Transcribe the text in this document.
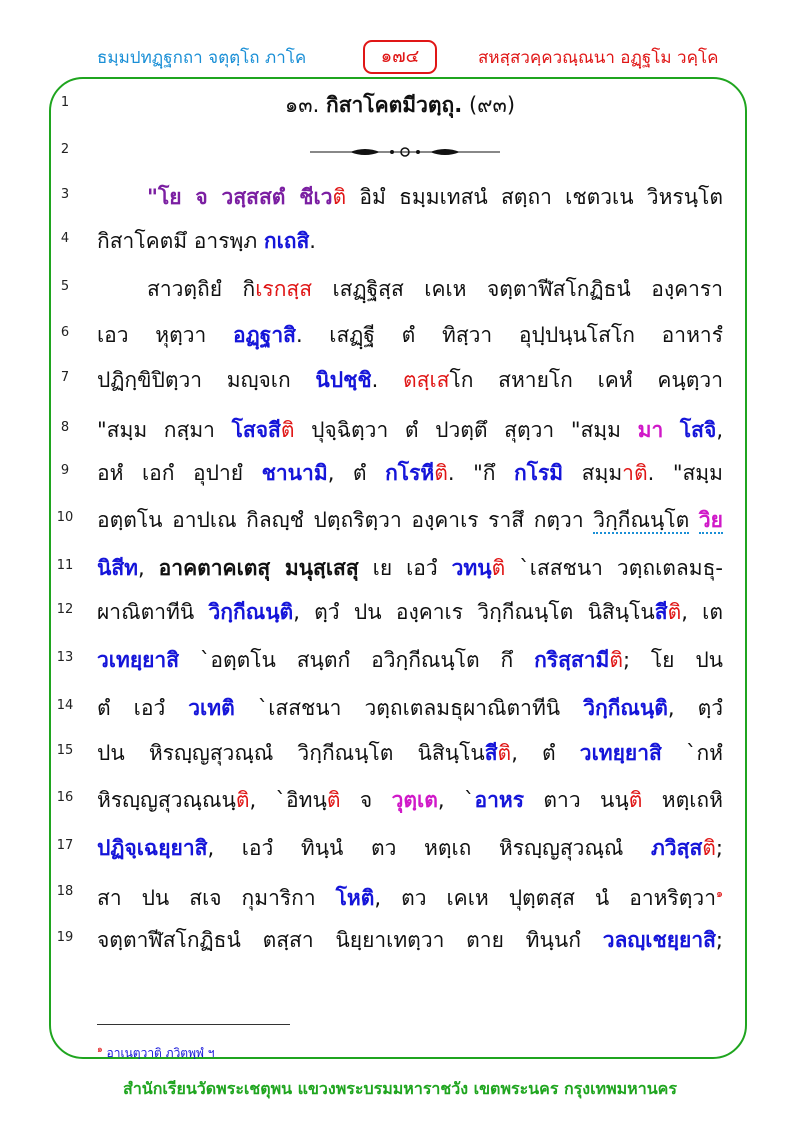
ธมฺมปทฏฺฐกถา จตุตฺโถ ภาโค	๑๗๔	สหสฺสวคฺควณฺณนา อฏฺฐโม วคฺโค
1	๑๓. กิสาโคตมีวตฺถุ. (๙๓)
2
3	"โย จ วสฺสสตํ ชีเวติ อิมํ ธมฺมเทสนํ สตฺถา เชตวเน วิหรนฺโต
4	กิสาโคตมึ อารพฺภ กเถสิ.
5	สาวตฺถิยํ กิเรกสฺส เสฏฺฐิสฺส เคเห จตฺตาฬีสโกฏิธนํ องฺคารา
6	เอว หุตฺวา อฏฺฐาสิ. เสฏฺฐี ตํ ทิสฺวา อุปฺปนฺนโสโก อาหารํ
7	ปฏิกฺขิปิตฺวา มญฺจเก นิปชฺชิ. ตสฺเสโก สหายโก เคหํ คนฺตฺวา
8	"สมฺม กสฺมา โสจสีติ ปุจฺฉิตฺวา ตํ ปวตฺตึ สุตฺวา "สมฺม มา โสจิ,
9	อหํ เอกํ อุปายํ ชานามิ, ตํ กโรหีติ. "กึ กโรมิ สมฺมาติ. "สมฺม
10 อตฺตโน อาปเณ กิลญฺชํ ปตฺถริตฺวา องฺคาเร ราสึ กตฺวา วิกฺกีณนฺโต วิย
11 นิสีท, อาคตาคเตสุ มนุสฺเสสุ เย เอวํ วทนฺติ `เสสชนา วตฺถเตลมธุ-
12 ผาณิตาทีนิ วิกฺกีณนฺติ, ตฺวํ ปน องฺคาเร วิกฺกีณนฺโต นิสินฺโนสีติ, เต
13 วเทยฺยาสิ `อตฺตโน สนฺตกํ อวิกฺกีณนฺโต กึ กริสฺสามีติ; โย ปน
14 ตํ เอวํ วเทติ `เสสชนา วตฺถเตลมธุผาณิตาทีนิ วิกฺกีณนฺติ, ตฺวํ
15 ปน หิรญฺญสุวณฺณํ วิกฺกีณนฺโต นิสินฺโนสีติ, ตํ วเทยฺยาสิ `กหํ
16 หิรญฺญสุวณฺณนฺติ, `อิทนฺติ จ วุตฺเต, `อาหร ตาว นนฺติ หตฺเถหิ
17 ปฏิจฺเฉยฺยาสิ, เอวํ ทินฺนํ ตว หตฺเถ หิรญฺญสุวณฺณํ ภวิสฺสติ;
18 สา ปน สเจ กุมาริกา โหติ, ตว เคเห ปุตฺตสฺส นํ อาหริตฺวา$^๑$
19 จตฺตาฬีสโกฏิธนํ ตสฺสา นิยฺยาเทตฺวา ตาย ทินฺนกํ วลญฺเชยฺยาสิ;
$^๑$ อาเนตฺวาติ ภวิตพฺพํ ฯ
สำนักเรียนวัดพระเชตุพน แขวงพระบรมมหาราชวัง เขตพระนคร กรุงเทพมหานคร
